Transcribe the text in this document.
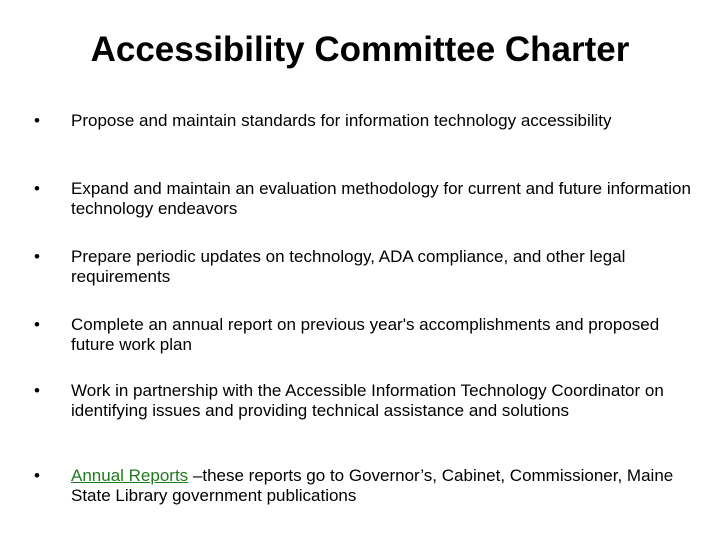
Accessibility Committee Charter
•	Propose and maintain standards for information technology accessibility
•	Expand and maintain an evaluation methodology for current and future information technology endeavors
•	Prepare periodic updates on technology, ADA compliance, and other legal requirements
•	Complete an annual report on previous year's accomplishments and proposed future work plan
•	Work in partnership with the Accessible Information Technology Coordinator on identifying issues and providing technical assistance and solutions
•	Annual Reports –these reports go to Governor’s, Cabinet, Commissioner, Maine State Library government publications
